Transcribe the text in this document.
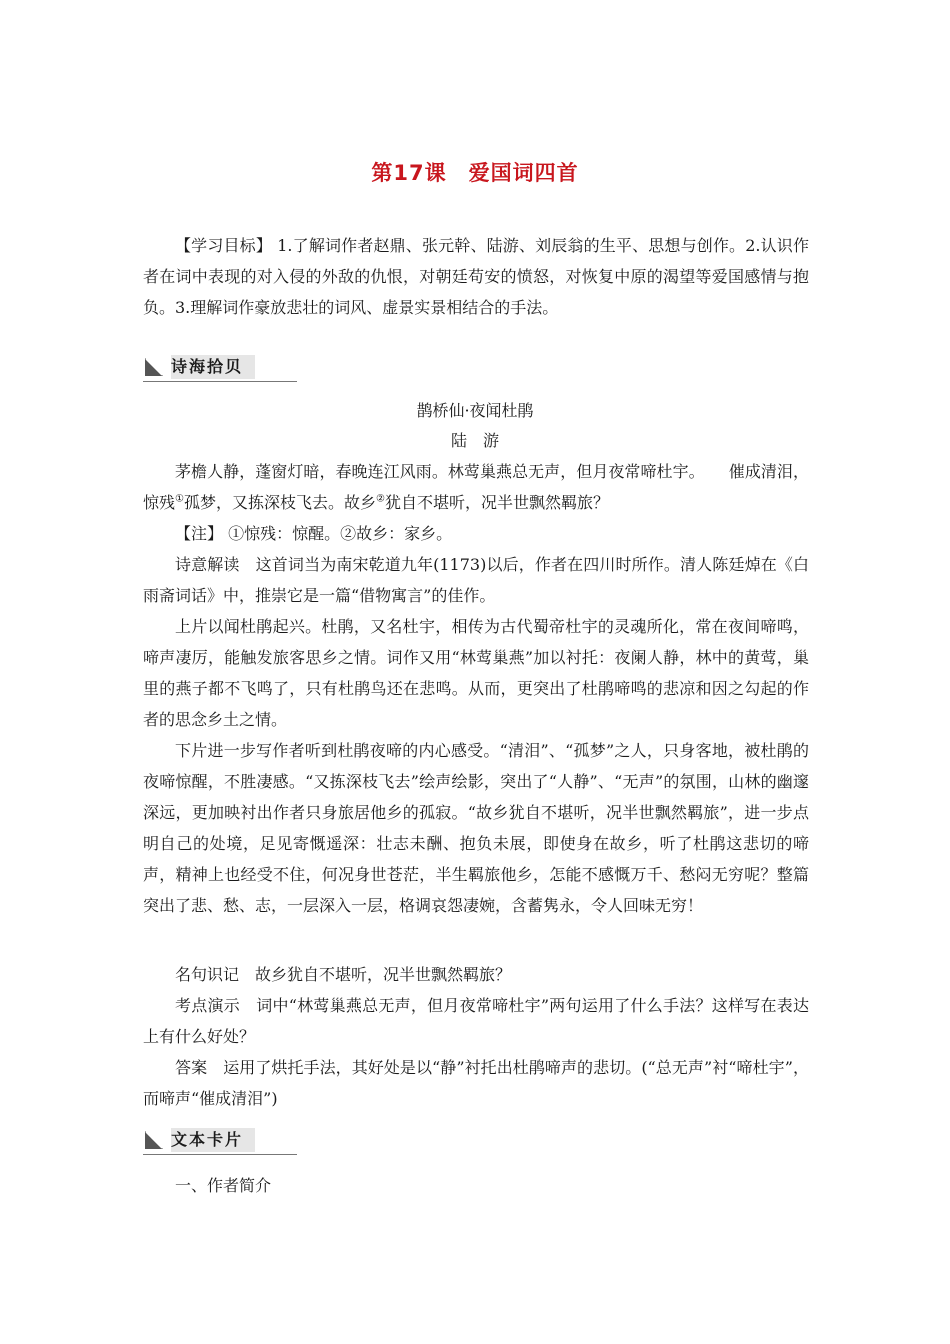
第17课 爱国词四首

【学习目标】 1.了解词作者赵鼎、张元幹、陆游、刘辰翁的生平、思想与创作。2.认识作者在词中表现的对入侵的外敌的仇恨，对朝廷苟安的愤怒，对恢复中原的渴望等爱国感情与抱负。3.理解词作豪放悲壮的词风、虚景实景相结合的手法。

诗海拾贝
鹊桥仙·夜闻杜鹃
陆　游

茅檐人静，蓬窗灯暗，春晚连江风雨。林莺巢燕总无声，但月夜常啼杜宇。　　催成清泪，惊残①孤梦，又拣深枝飞去。故乡②犹自不堪听，况半世飘然羁旅？

【注】 ①惊残：惊醒。②故乡：家乡。

诗意解读　 这首词当为南宋乾道九年(1173)以后，作者在四川时所作。清人陈廷焯在《白雨斋词话》中，推崇它是一篇“借物寓言”的佳作。

上片以闻杜鹃起兴。杜鹃，又名杜宇，相传为古代蜀帝杜宇的灵魂所化，常在夜间啼鸣，啼声凄厉，能触发旅客思乡之情。词作又用“林莺巢燕”加以衬托：夜阑人静，林中的黄莺，巢里的燕子都不飞鸣了，只有杜鹃鸟还在悲鸣。从而，更突出了杜鹃啼鸣的悲凉和因之勾起的作者的思念乡土之情。

下片进一步写作者听到杜鹃夜啼的内心感受。“清泪”、“孤梦”之人，只身客地，被杜鹃的夜啼惊醒，不胜凄感。“又拣深枝飞去”绘声绘影，突出了“人静”、“无声”的氛围，山林的幽邃深远，更加映衬出作者只身旅居他乡的孤寂。“故乡犹自不堪听，况半世飘然羁旅”，进一步点明自己的处境，足见寄慨遥深：壮志未酬、抱负未展，即使身在故乡，听了杜鹃这悲切的啼声，精神上也经受不住，何况身世苍茫，半生羁旅他乡，怎能不感慨万千、愁闷无穷呢？整篇突出了悲、愁、志，一层深入一层，格调哀怨凄婉，含蓄隽永，令人回味无穷！

名句识记　 故乡犹自不堪听，况半世飘然羁旅？

考点演示　 词中“林莺巢燕总无声，但月夜常啼杜宇”两句运用了什么手法？这样写在表达上有什么好处？

答案　 运用了烘托手法，其好处是以“静”衬托出杜鹃啼声的悲切。(“总无声”衬“啼杜宇”，而啼声“催成清泪”)

文本卡片

一、作者简介
